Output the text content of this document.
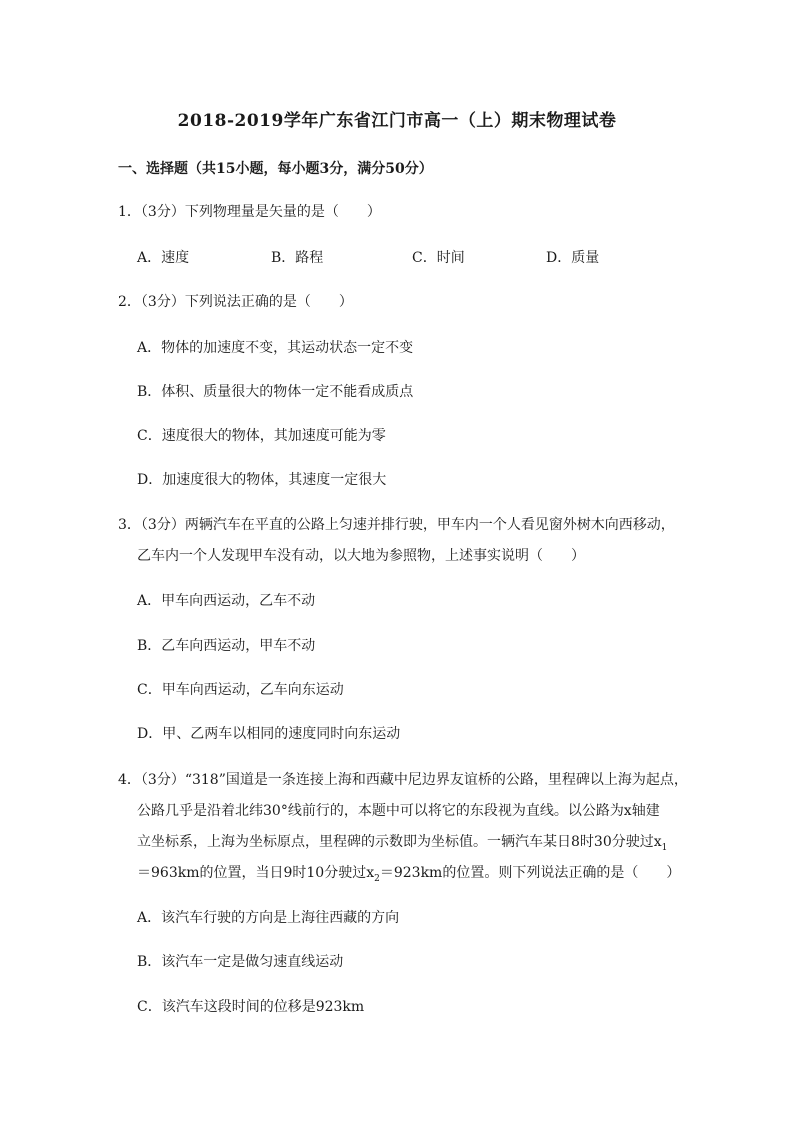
2018-2019学年广东省江门市高一（上）期末物理试卷
一、选择题（共15小题，每小题3分，满分50分）
1．（3分）下列物理量是矢量的是（　　）
A．速度	B．路程	C．时间	D．质量
2．（3分）下列说法正确的是（　　）
A．物体的加速度不变，其运动状态一定不变
B．体积、质量很大的物体一定不能看成质点
C．速度很大的物体，其加速度可能为零
D．加速度很大的物体，其速度一定很大
3．（3分）两辆汽车在平直的公路上匀速并排行驶，甲车内一个人看见窗外树木向西移动，
乙车内一个人发现甲车没有动，以大地为参照物，上述事实说明（　　）
A．甲车向西运动，乙车不动
B．乙车向西运动，甲车不动
C．甲车向西运动，乙车向东运动
D．甲、乙两车以相同的速度同时向东运动
4．（3分）“318”国道是一条连接上海和西藏中尼边界友谊桥的公路，里程碑以上海为起点，
公路几乎是沿着北纬30°线前行的，本题中可以将它的东段视为直线。以公路为x轴建
立坐标系，上海为坐标原点，里程碑的示数即为坐标值。一辆汽车某日8时30分驶过$x_1$
＝963km的位置，当日9时10分驶过$x_2=923km$的位置。则下列说法正确的是（　　）
A．该汽车行驶的方向是上海往西藏的方向
B．该汽车一定是做匀速直线运动
C．该汽车这段时间的位移是923km
